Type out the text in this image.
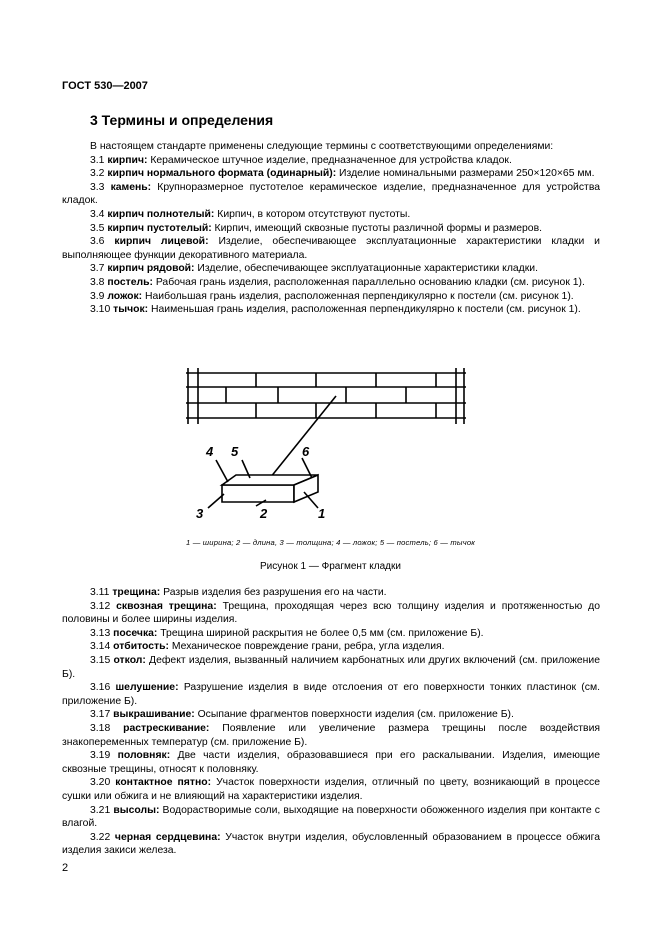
ГОСТ 530—2007
3 Термины и определения

В настоящем стандарте применены следующие термины с соответствующими определениями:

3.1 кирпич: Керамическое штучное изделие, предназначенное для устройства кладок.

3.2 кирпич нормального формата (одинарный): Изделие номинальными размерами 250×120×65 мм.

3.3 камень: Крупноразмерное пустотелое керамическое изделие, предназначенное для устройства кладок.

3.4 кирпич полнотелый: Кирпич, в котором отсутствуют пустоты.

3.5 кирпич пустотелый: Кирпич, имеющий сквозные пустоты различной формы и размеров.

3.6 кирпич лицевой: Изделие, обеспечивающее эксплуатационные характеристики кладки и выполняющее функции декоративного материала.

3.7 кирпич рядовой: Изделие, обеспечивающее эксплуатационные характеристики кладки.

3.8 постель: Рабочая грань изделия, расположенная параллельно основанию кладки (см. рисунок 1).

3.9 ложок: Наибольшая грань изделия, расположенная перпендикулярно к постели (см. рисунок 1).

3.10 тычок: Наименьшая грань изделия, расположенная перпендикулярно к постели (см. рисунок 1).

4 5	6
3	2	1
1 — ширина; 2 — длина, 3 — толщина; 4 — ложок; 5 — постель; 6 — тычок
Рисунок 1 — Фрагмент кладки

3.11 трещина: Разрыв изделия без разрушения его на части.

3.12 сквозная трещина: Трещина, проходящая через всю толщину изделия и протяженностью до половины и более ширины изделия.

3.13 посечка: Трещина шириной раскрытия не более 0,5 мм (см. приложение Б).

3.14 отбитость: Механическое повреждение грани, ребра, угла изделия.

3.15 откол: Дефект изделия, вызванный наличием карбонатных или других включений (см. приложение Б).

3.16 шелушение: Разрушение изделия в виде отслоения от его поверхности тонких пластинок (см. приложение Б).

3.17 выкрашивание: Осыпание фрагментов поверхности изделия (см. приложение Б).

3.18 растрескивание: Появление или увеличение размера трещины после воздействия знакопеременных температур (см. приложение Б).

3.19 половняк: Две части изделия, образовавшиеся при его раскалывании. Изделия, имеющие сквозные трещины, относят к половняку.

3.20 контактное пятно: Участок поверхности изделия, отличный по цвету, возникающий в процессе сушки или обжига и не влияющий на характеристики изделия.

3.21 высолы: Водорастворимые соли, выходящие на поверхности обожженного изделия при контакте с влагой.

3.22 черная сердцевина: Участок внутри изделия, обусловленный образованием в процессе обжига изделия закиси железа.

2
